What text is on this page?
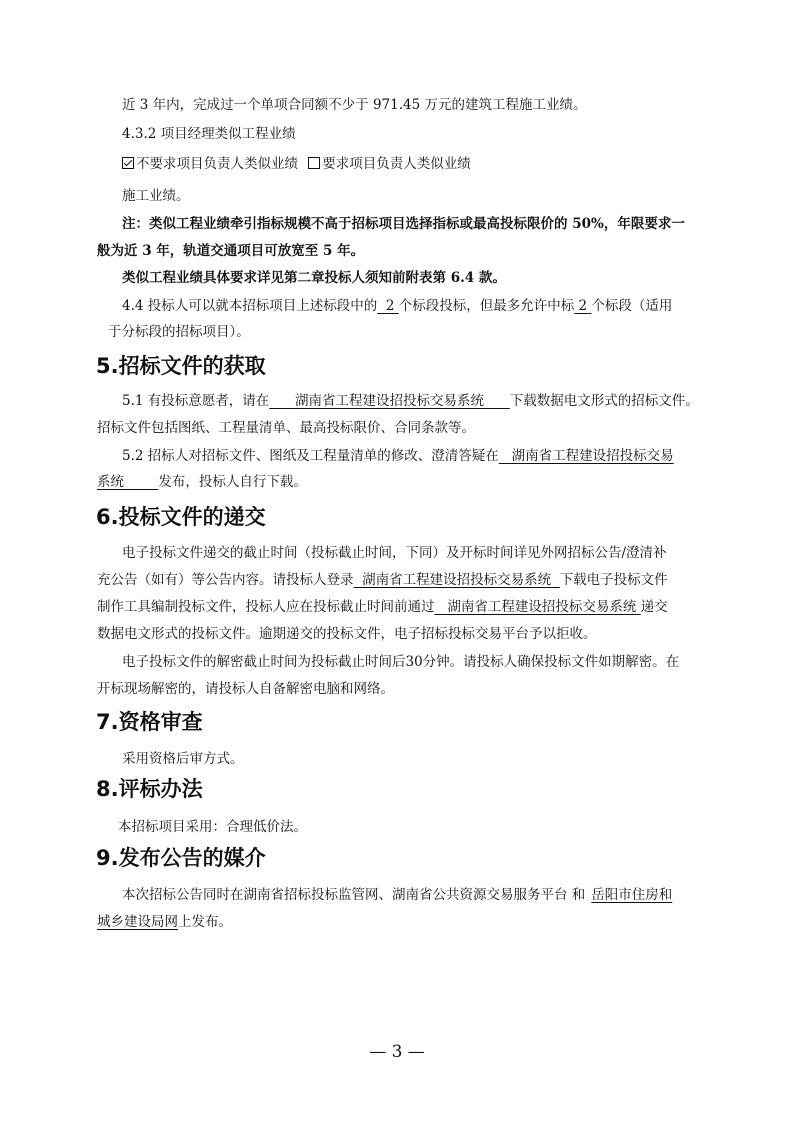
近 3 年内，完成过一个单项合同额不少于 971.45 万元的建筑工程施工业绩。
4.3.2 项目经理类似工程业绩
不要求项目负责人类似业绩 要求项目负责人类似业绩
施工业绩。
注：类似工程业绩牵引指标规模不高于招标项目选择指标或最高投标限价的 50%，年限要求一
般为近 3 年，轨道交通项目可放宽至 5 年。
类似工程业绩具体要求详见第二章投标人须知前附表第 6.4 款。
4.4 投标人可以就本招标项目上述标段中的 2 个标段投标，但最多允许中标 2 个标段（适用
于分标段的招标项目）。
5.招标文件的获取
5.1 有投标意愿者，请在 湖南省工程建设招投标交易系统 下载数据电文形式的招标文件。
招标文件包括图纸、工程量清单、最高投标限价、合同条款等。
5.2 招标人对招标文件、图纸及工程量清单的修改、澄清答疑在 湖南省工程建设招投标交易
系统	发布，投标人自行下载。
6.投标文件的递交
电子投标文件递交的截止时间（投标截止时间，下同）及开标时间详见外网招标公告/澄清补
充公告（如有）等公告内容。请投标人登录 湖南省工程建设招投标交易系统 下载电子投标文件
制作工具编制投标文件，投标人应在投标截止时间前通过 湖南省工程建设招投标交易系统 递交
数据电文形式的投标文件。逾期递交的投标文件，电子招标投标交易平台予以拒收。
电子投标文件的解密截止时间为投标截止时间后30分钟。请投标人确保投标文件如期解密。在
开标现场解密的，请投标人自备解密电脑和网络。
7.资格审查
采用资格后审方式。
8.评标办法
本招标项目采用：合理低价法。
9.发布公告的媒介
本次招标公告同时在湖南省招标投标监管网、湖南省公共资源交易服务平台 和 岳阳市住房和
城乡建设局网上发布。
— 3 —
